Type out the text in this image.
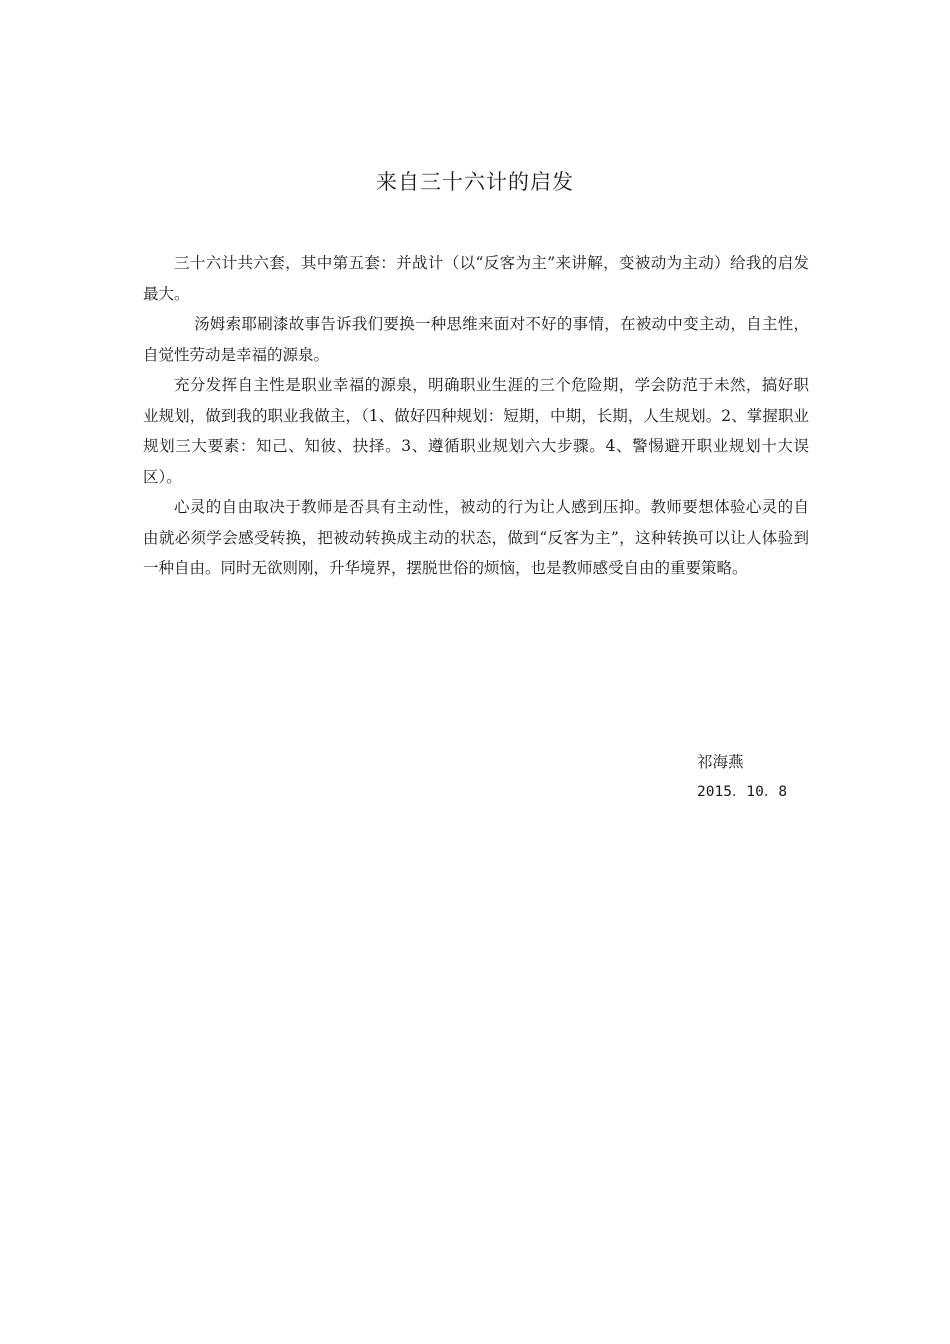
来自三十六计的启发

三十六计共六套，其中第五套：并战计（以“反客为主”来讲解，变被动为主动）给我的启发最大。

汤姆索耶刷漆故事告诉我们要换一种思维来面对不好的事情，在被动中变主动，自主性，自觉性劳动是幸福的源泉。

充分发挥自主性是职业幸福的源泉，明确职业生涯的三个危险期，学会防范于未然，搞好职业规划，做到我的职业我做主，（1、做好四种规划：短期，中期，长期，人生规划。2、掌握职业规划三大要素：知己、知彼、抉择。3、遵循职业规划六大步骤。4、警惕避开职业规划十大误区）。

心灵的自由取决于教师是否具有主动性，被动的行为让人感到压抑。教师要想体验心灵的自由就必须学会感受转换，把被动转换成主动的状态，做到“反客为主”，这种转换可以让人体验到一种自由。同时无欲则刚，升华境界，摆脱世俗的烦恼，也是教师感受自由的重要策略。

祁海燕
2015．10．8
